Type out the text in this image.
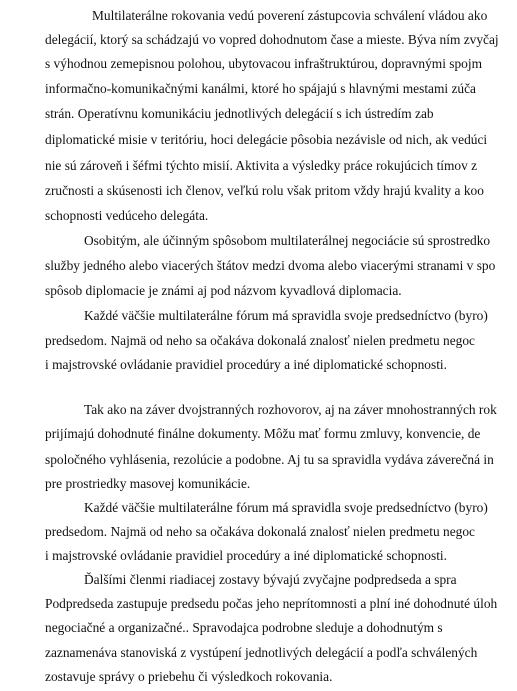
Multilaterálne rokovania vedú poverení zástupcovia schválení vládou ako
delegácií, ktorý sa schádzajú vo vopred dohodnutom čase a mieste. Býva ním zvyčaj
s výhodnou zemepisnou polohou, ubytovacou infraštruktúrou, dopravnými spojm
informačno-komunikačnými kanálmi, ktoré ho spájajú s hlavnými mestami zúča
strán. Operatívnu komunikáciu jednotlivých delegácií s ich ústredím zab
diplomatické misie v teritóriu, hoci delegácie pôsobia nezávisle od nich, ak vedúci
nie sú zároveň i šéfmi týchto misií. Aktivita a výsledky práce rokujúcich tímov z
zručnosti a skúsenosti ich členov, veľkú rolu však pritom vždy hrajú kvality a koo
schopnosti vedúceho delegáta.
Osobitým, ale účinným spôsobom multilaterálnej negociácie sú sprostredko
služby jedného alebo viacerých štátov medzi dvoma alebo viacerými stranami v spo
spôsob diplomacie je známi aj pod názvom kyvadlová diplomacia.
Každé väčšie multilaterálne fórum má spravidla svoje predsedníctvo (byro)
predsedom. Najmä od neho sa očakáva dokonalá znalosť nielen predmetu negoc
i majstrovské ovládanie pravidiel procedúry a iné diplomatické schopnosti.
Tak ako na záver dvojstranných rozhovorov, aj na záver mnohostranných rok
prijímajú dohodnuté finálne dokumenty. Môžu mať formu zmluvy, konvencie, de
spoločného vyhlásenia, rezolúcie a podobne. Aj tu sa spravidla vydáva záverečná in
pre prostriedky masovej komunikácie.
Každé väčšie multilaterálne fórum má spravidla svoje predsedníctvo (byro)
predsedom. Najmä od neho sa očakáva dokonalá znalosť nielen predmetu negoc
i majstrovské ovládanie pravidiel procedúry a iné diplomatické schopnosti.
Ďalšími členmi riadiacej zostavy bývajú zvyčajne podpredseda a spra
Podpredseda zastupuje predsedu počas jeho neprítomnosti a plní iné dohodnuté úloh
negociačné a organizačné.. Spravodajca podrobne sleduje a dohodnutým s
zaznamenáva stanoviská z vystúpení jednotlivých delegácií a podľa schválených
zostavuje správy o priebehu či výsledkoch rokovania.
